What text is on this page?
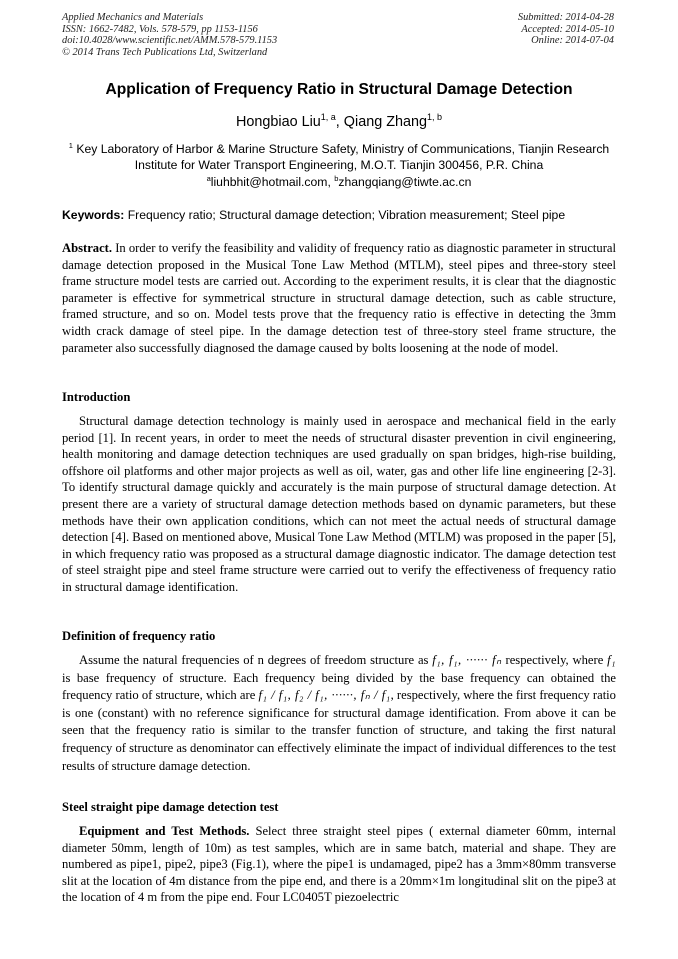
Applied Mechanics and Materials
ISSN: 1662-7482, Vols. 578-579, pp 1153-1156
doi:10.4028/www.scientific.net/AMM.578-579.1153
© 2014 Trans Tech Publications Ltd, Switzerland
Submitted: 2014-04-28
Accepted: 2014-05-10
Online: 2014-07-04
Application of Frequency Ratio in Structural Damage Detection
Hongbiao Liu$^{1, a}$, Qiang Zhang$^{1, b}$
$^1$ Key Laboratory of Harbor & Marine Structure Safety, Ministry of Communications, Tianjin Research Institute for Water Transport Engineering, M.O.T. Tianjin 300456, P.R. China
$^a$liuhbhit@hotmail.com, $^b$zhangqiang@tiwte.ac.cn
Keywords: Frequency ratio; Structural damage detection; Vibration measurement; Steel pipe

Abstract. In order to verify the feasibility and validity of frequency ratio as diagnostic parameter in structural damage detection proposed in the Musical Tone Law Method (MTLM), steel pipes and three-story steel frame structure model tests are carried out. According to the experiment results, it is clear that the diagnostic parameter is effective for symmetrical structure in structural damage detection, such as cable structure, framed structure, and so on. Model tests prove that the frequency ratio is effective in detecting the 3mm width crack damage of steel pipe. In the damage detection test of three-story steel frame structure, the parameter also successfully diagnosed the damage caused by bolts loosening at the node of model.

Introduction

Structural damage detection technology is mainly used in aerospace and mechanical field in the early period [1]. In recent years, in order to meet the needs of structural disaster prevention in civil engineering, health monitoring and damage detection techniques are used gradually on span bridges, high-rise building, offshore oil platforms and other major projects as well as oil, water, gas and other life line engineering [2-3]. To identify structural damage quickly and accurately is the main purpose of structural damage detection. At present there are a variety of structural damage detection methods based on dynamic parameters, but these methods have their own application conditions, which can not meet the actual needs of structural damage detection [4]. Based on mentioned above, Musical Tone Law Method (MTLM) was proposed in the paper [5], in which frequency ratio was proposed as a structural damage diagnostic indicator. The damage detection test of steel straight pipe and steel frame structure were carried out to verify the effectiveness of frequency ratio in structural damage identification.

Definition of frequency ratio

Assume the natural frequencies of n degrees of freedom structure as f₁, f₁, ······ fₙ respectively, where f₁ is base frequency of structure. Each frequency being divided by the base frequency can obtained the frequency ratio of structure, which are f₁ / f₁, f₂ / f₁, ······, fₙ / f₁, respectively, where the first frequency ratio is one (constant) with no reference significance for structural damage identification. From above it can be seen that the frequency ratio is similar to the transfer function of structure, and taking the first natural frequency of structure as denominator can effectively eliminate the impact of individual differences to the test results of structure damage detection.

Steel straight pipe damage detection test

Equipment and Test Methods. Select three straight steel pipes ( external diameter 60mm, internal diameter 50mm, length of 10m) as test samples, which are in same batch, material and shape. They are numbered as pipe1, pipe2, pipe3 (Fig.1), where the pipe1 is undamaged, pipe2 has a 3mm×80mm transverse slit at the location of 4m distance from the pipe end, and there is a 20mm×1m longitudinal slit on the pipe3 at the location of 4 m from the pipe end. Four LC0405T piezoelectric
